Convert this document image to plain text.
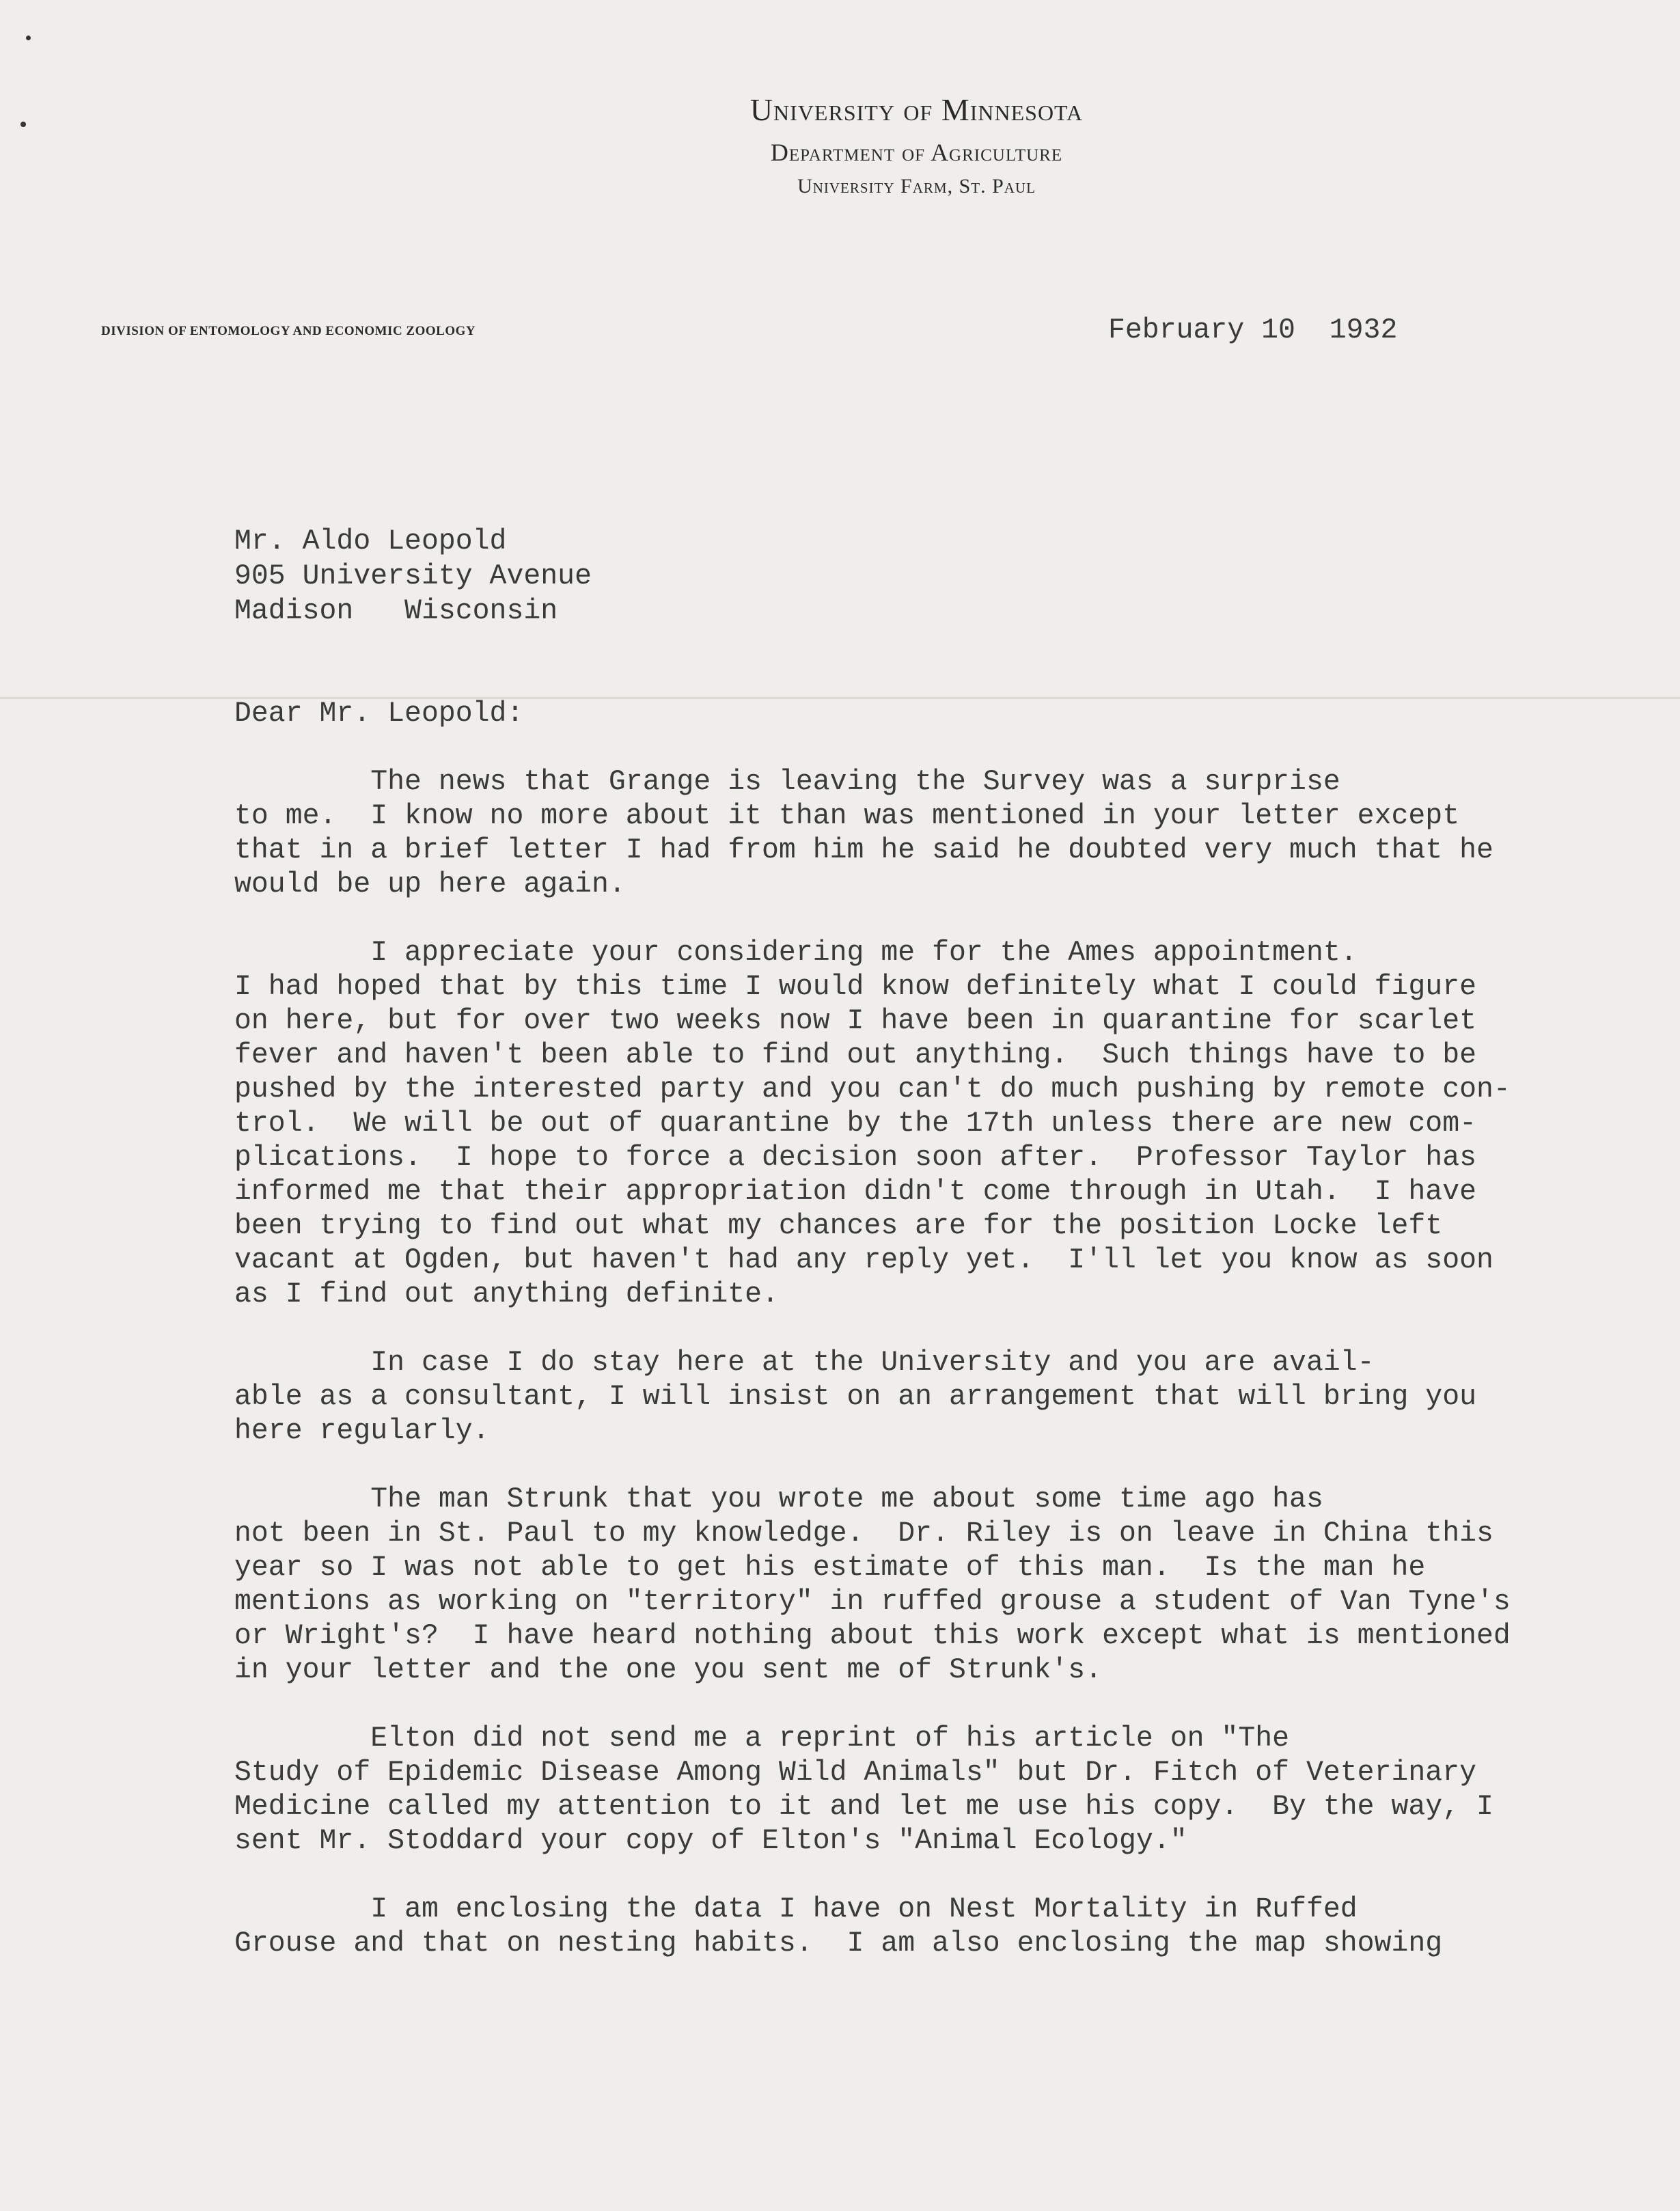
University of Minnesota
Department of Agriculture
University Farm, St. Paul
DIVISION OF ENTOMOLOGY AND ECONOMIC ZOOLOGY	February 10  1932
Mr. Aldo Leopold
905 University Avenue
Madison   Wisconsin
Dear Mr. Leopold:
The news that Grange is leaving the Survey was a surprise
to me.  I know no more about it than was mentioned in your letter except
that in a brief letter I had from him he said he doubted very much that he
would be up here again.
I appreciate your considering me for the Ames appointment.
I had hoped that by this time I would know definitely what I could figure
on here, but for over two weeks now I have been in quarantine for scarlet
fever and haven't been able to find out anything.  Such things have to be
pushed by the interested party and you can't do much pushing by remote con-
trol.  We will be out of quarantine by the 17th unless there are new com-
plications.  I hope to force a decision soon after.  Professor Taylor has
informed me that their appropriation didn't come through in Utah.  I have
been trying to find out what my chances are for the position Locke left
vacant at Ogden, but haven't had any reply yet.  I'll let you know as soon
as I find out anything definite.
In case I do stay here at the University and you are avail-
able as a consultant, I will insist on an arrangement that will bring you
here regularly.
The man Strunk that you wrote me about some time ago has
not been in St. Paul to my knowledge.  Dr. Riley is on leave in China this
year so I was not able to get his estimate of this man.  Is the man he
mentions as working on "territory" in ruffed grouse a student of Van Tyne's
or Wright's?  I have heard nothing about this work except what is mentioned
in your letter and the one you sent me of Strunk's.
Elton did not send me a reprint of his article on "The
Study of Epidemic Disease Among Wild Animals" but Dr. Fitch of Veterinary
Medicine called my attention to it and let me use his copy.  By the way, I
sent Mr. Stoddard your copy of Elton's "Animal Ecology."
I am enclosing the data I have on Nest Mortality in Ruffed
Grouse and that on nesting habits.  I am also enclosing the map showing
